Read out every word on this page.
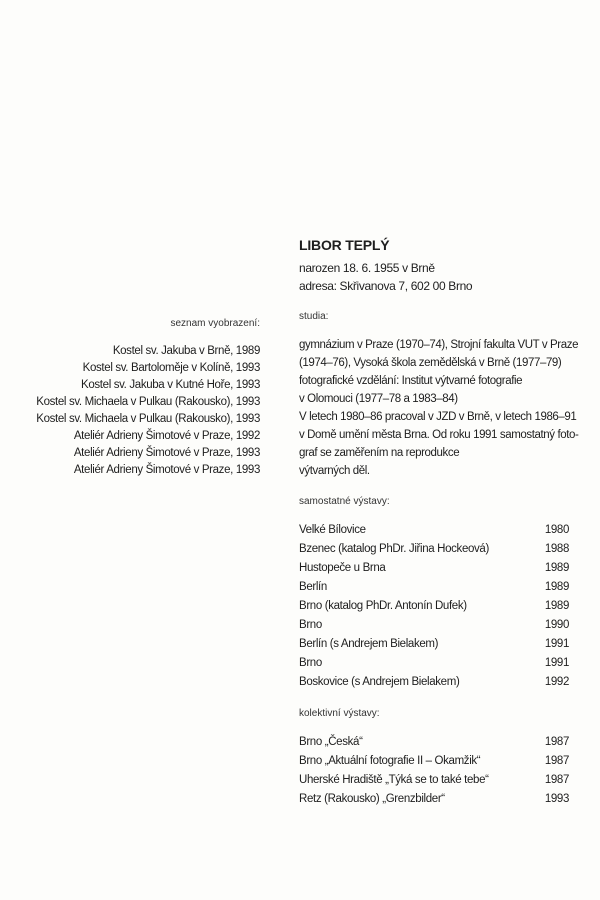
seznam vyobrazení:
Kostel sv. Jakuba v Brně, 1989
Kostel sv. Bartoloměje v Kolíně, 1993
Kostel sv. Jakuba v Kutné Hoře, 1993
Kostel sv. Michaela v Pulkau (Rakousko), 1993
Kostel sv. Michaela v Pulkau (Rakousko), 1993
Ateliér Adrieny Šimotové v Praze, 1992
Ateliér Adrieny Šimotové v Praze, 1993
Ateliér Adrieny Šimotové v Praze, 1993
LIBOR TEPLÝ
narozen 18. 6. 1955 v Brně
adresa: Skřivanova 7, 602 00 Brno
studia:
gymnázium v Praze (1970–74), Strojní fakulta VUT v Praze
(1974–76), Vysoká škola zemědělská v Brně (1977–79)
fotografické vzdělání: Institut výtvarné fotografie
v Olomouci (1977–78 a 1983–84)
V letech 1980–86 pracoval v JZD v Brně, v letech 1986–91
v Domě umění města Brna. Od roku 1991 samostatný foto-
graf se zaměřením na reprodukce
výtvarných děl.
samostatné výstavy:
Velké Bílovice	1980
Bzenec (katalog PhDr. Jiřina Hockeová)	1988
Hustopeče u Brna	1989
Berlín	1989
Brno (katalog PhDr. Antonín Dufek)	1989
Brno	1990
Berlín (s Andrejem Bielakem)	1991
Brno	1991
Boskovice (s Andrejem Bielakem)	1992
kolektivní výstavy:
Brno „Česká“	1987
Brno „Aktuální fotografie II – Okamžik“	1987
Uherské Hradiště „Týká se to také tebe“	1987
Retz (Rakousko) „Grenzbilder“	1993
